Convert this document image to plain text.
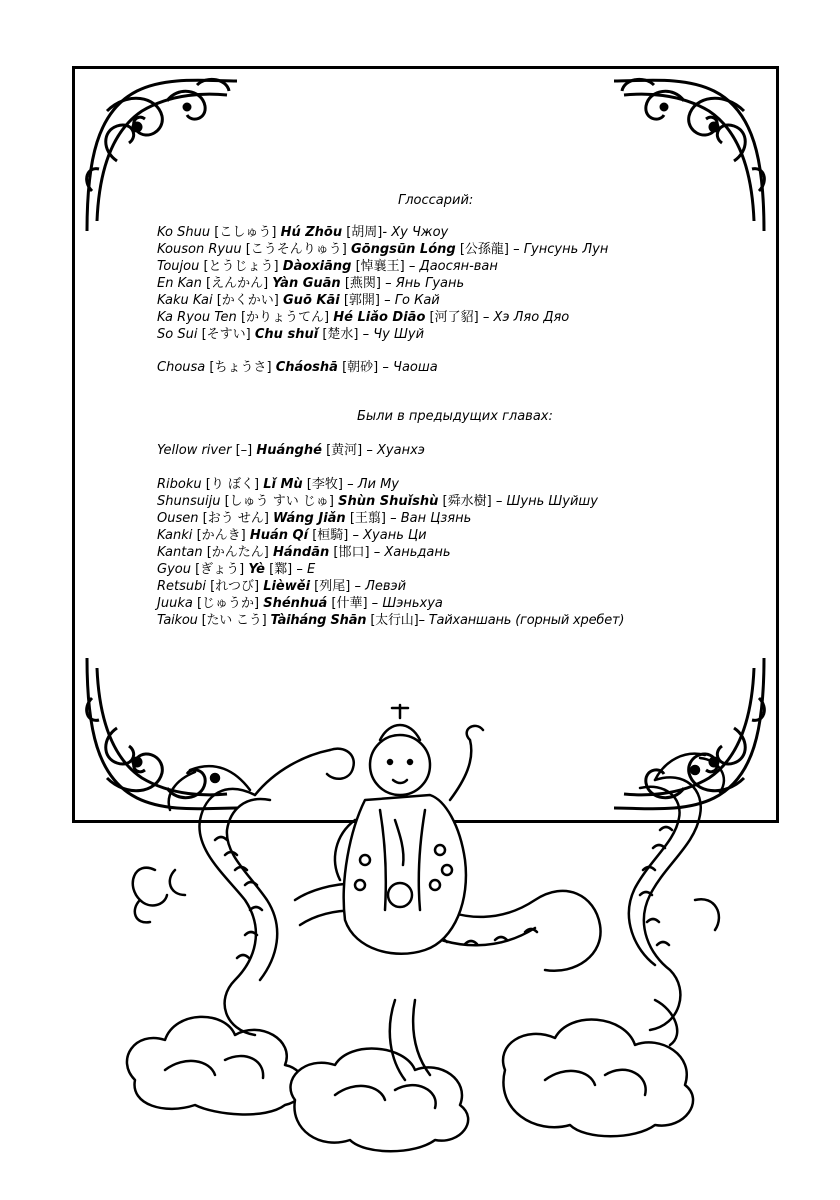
Глоссарий:
Ko Shuu [こしゅう] Hú Zhōu [胡周]- Ху Чжоу
Kouson Ryuu [こうそんりゅう] Gōngsūn Lóng [公孫龍] – Гунсунь Лун
Toujou [とうじょう] Dàoxiāng [悼襄王] – Даосян-ван
En Kan [えんかん] Yàn Guān [燕関] – Янь Гуань
Kaku Kai [かくかい] Guō Kāi [郭開] – Го Кай
Ka Ryou Ten [かりょうてん] Hé Liǎo Diāo [河了貂] – Хэ Ляо Дяо
So Sui [そすい] Chu shuǐ [楚水] – Чу Шуй
Chousa [ちょうさ] Cháoshā [朝砂] – Чаоша
Были в предыдущих главах:
Yellow river [–] Huánghé [黄河] – Хуанхэ
Riboku [り ぼく] Lǐ Mù [李牧] – Ли Му
Shunsuiju [しゅう すい じゅ] Shùn Shuǐshù [舜水樹] – Шунь Шуйшу
Ousen [おう せん] Wáng Jiǎn [王翦] – Ван Цзянь
Kanki [かんき] Huán Qí [桓騎] – Хуань Ци
Kantan [かんたん] Hándān [邯口] – Ханьдань
Gyou [ぎょう] Yè [鄴] – Е
Retsubi [れつび] Lièwěi [列尾] – Левэй
Juuka [じゅうか] Shénhuá [什華] – Шэньхуа
Taikou [たい こう] Tàiháng Shān [太行山]– Тайханшань (горный хребет)
